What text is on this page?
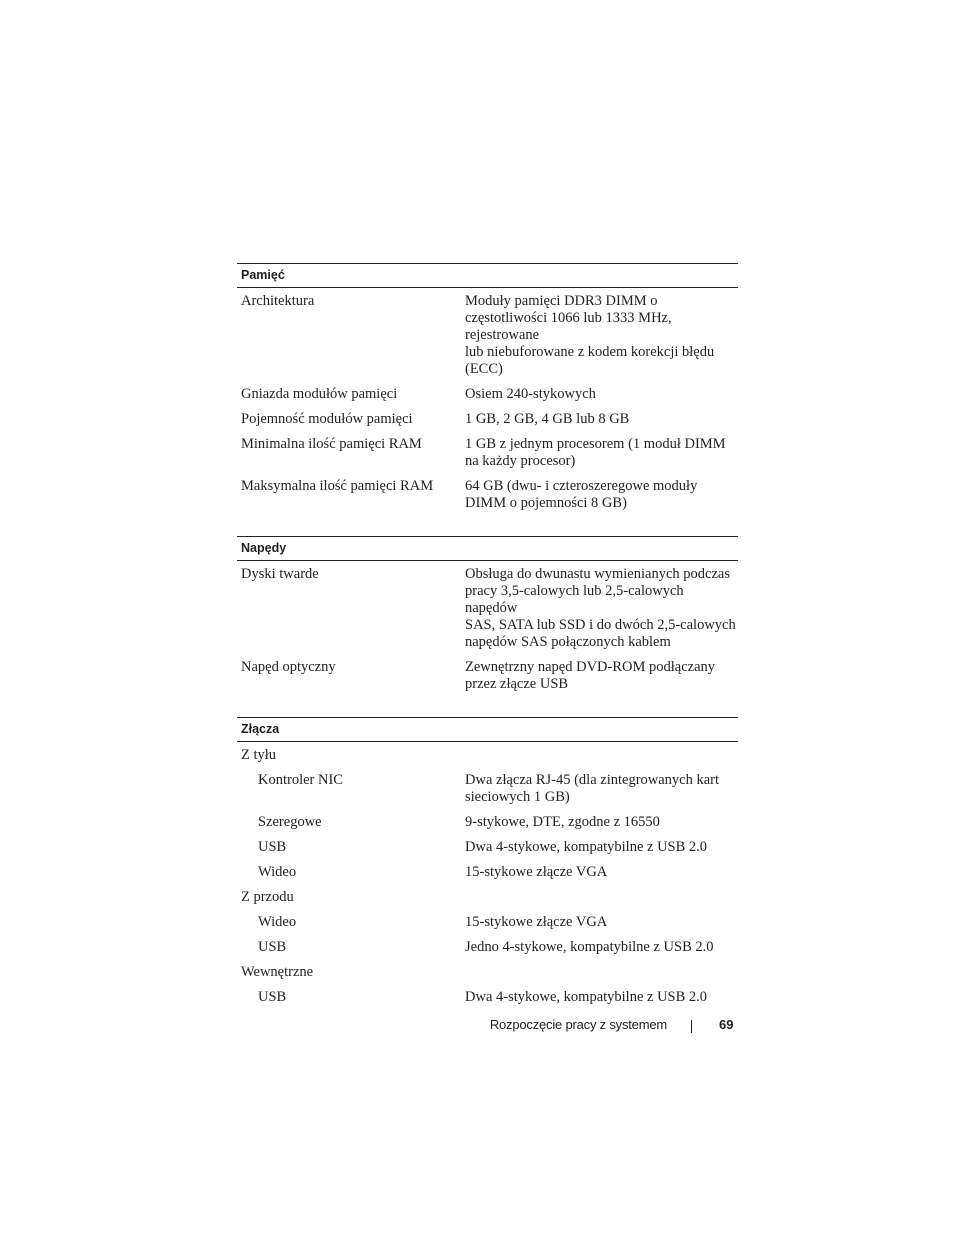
Pamięć
Architektura	Moduły pamięci DDR3 DIMM o
częstotliwości 1066 lub 1333 MHz,
rejestrowane
lub niebuforowane z kodem korekcji błędu
(ECC)
Gniazda modułów pamięci	Osiem 240-stykowych
Pojemność modułów pamięci	1 GB, 2 GB, 4 GB lub 8 GB
Minimalna ilość pamięci RAM	1 GB z jednym procesorem (1 moduł DIMM
na każdy procesor)
Maksymalna ilość pamięci RAM	64 GB (dwu- i czteroszeregowe moduły
DIMM o pojemności 8 GB)
Napędy
Dyski twarde	Obsługa do dwunastu wymienianych podczas
pracy 3,5-calowych lub 2,5-calowych napędów
SAS, SATA lub SSD i do dwóch 2,5-calowych
napędów SAS połączonych kablem
Napęd optyczny	Zewnętrzny napęd DVD-ROM podłączany
przez złącze USB
Złącza
Z tyłu
Kontroler NIC	Dwa złącza RJ-45 (dla zintegrowanych kart
sieciowych 1 GB)
Szeregowe	9-stykowe, DTE, zgodne z 16550
USB	Dwa 4-stykowe, kompatybilne z USB 2.0
Wideo	15-stykowe złącze VGA
Z przodu
Wideo	15-stykowe złącze VGA
USB	Jedno 4-stykowe, kompatybilne z USB 2.0
Wewnętrzne
USB	Dwa 4-stykowe, kompatybilne z USB 2.0
Rozpoczęcie pracy z systemem	69
